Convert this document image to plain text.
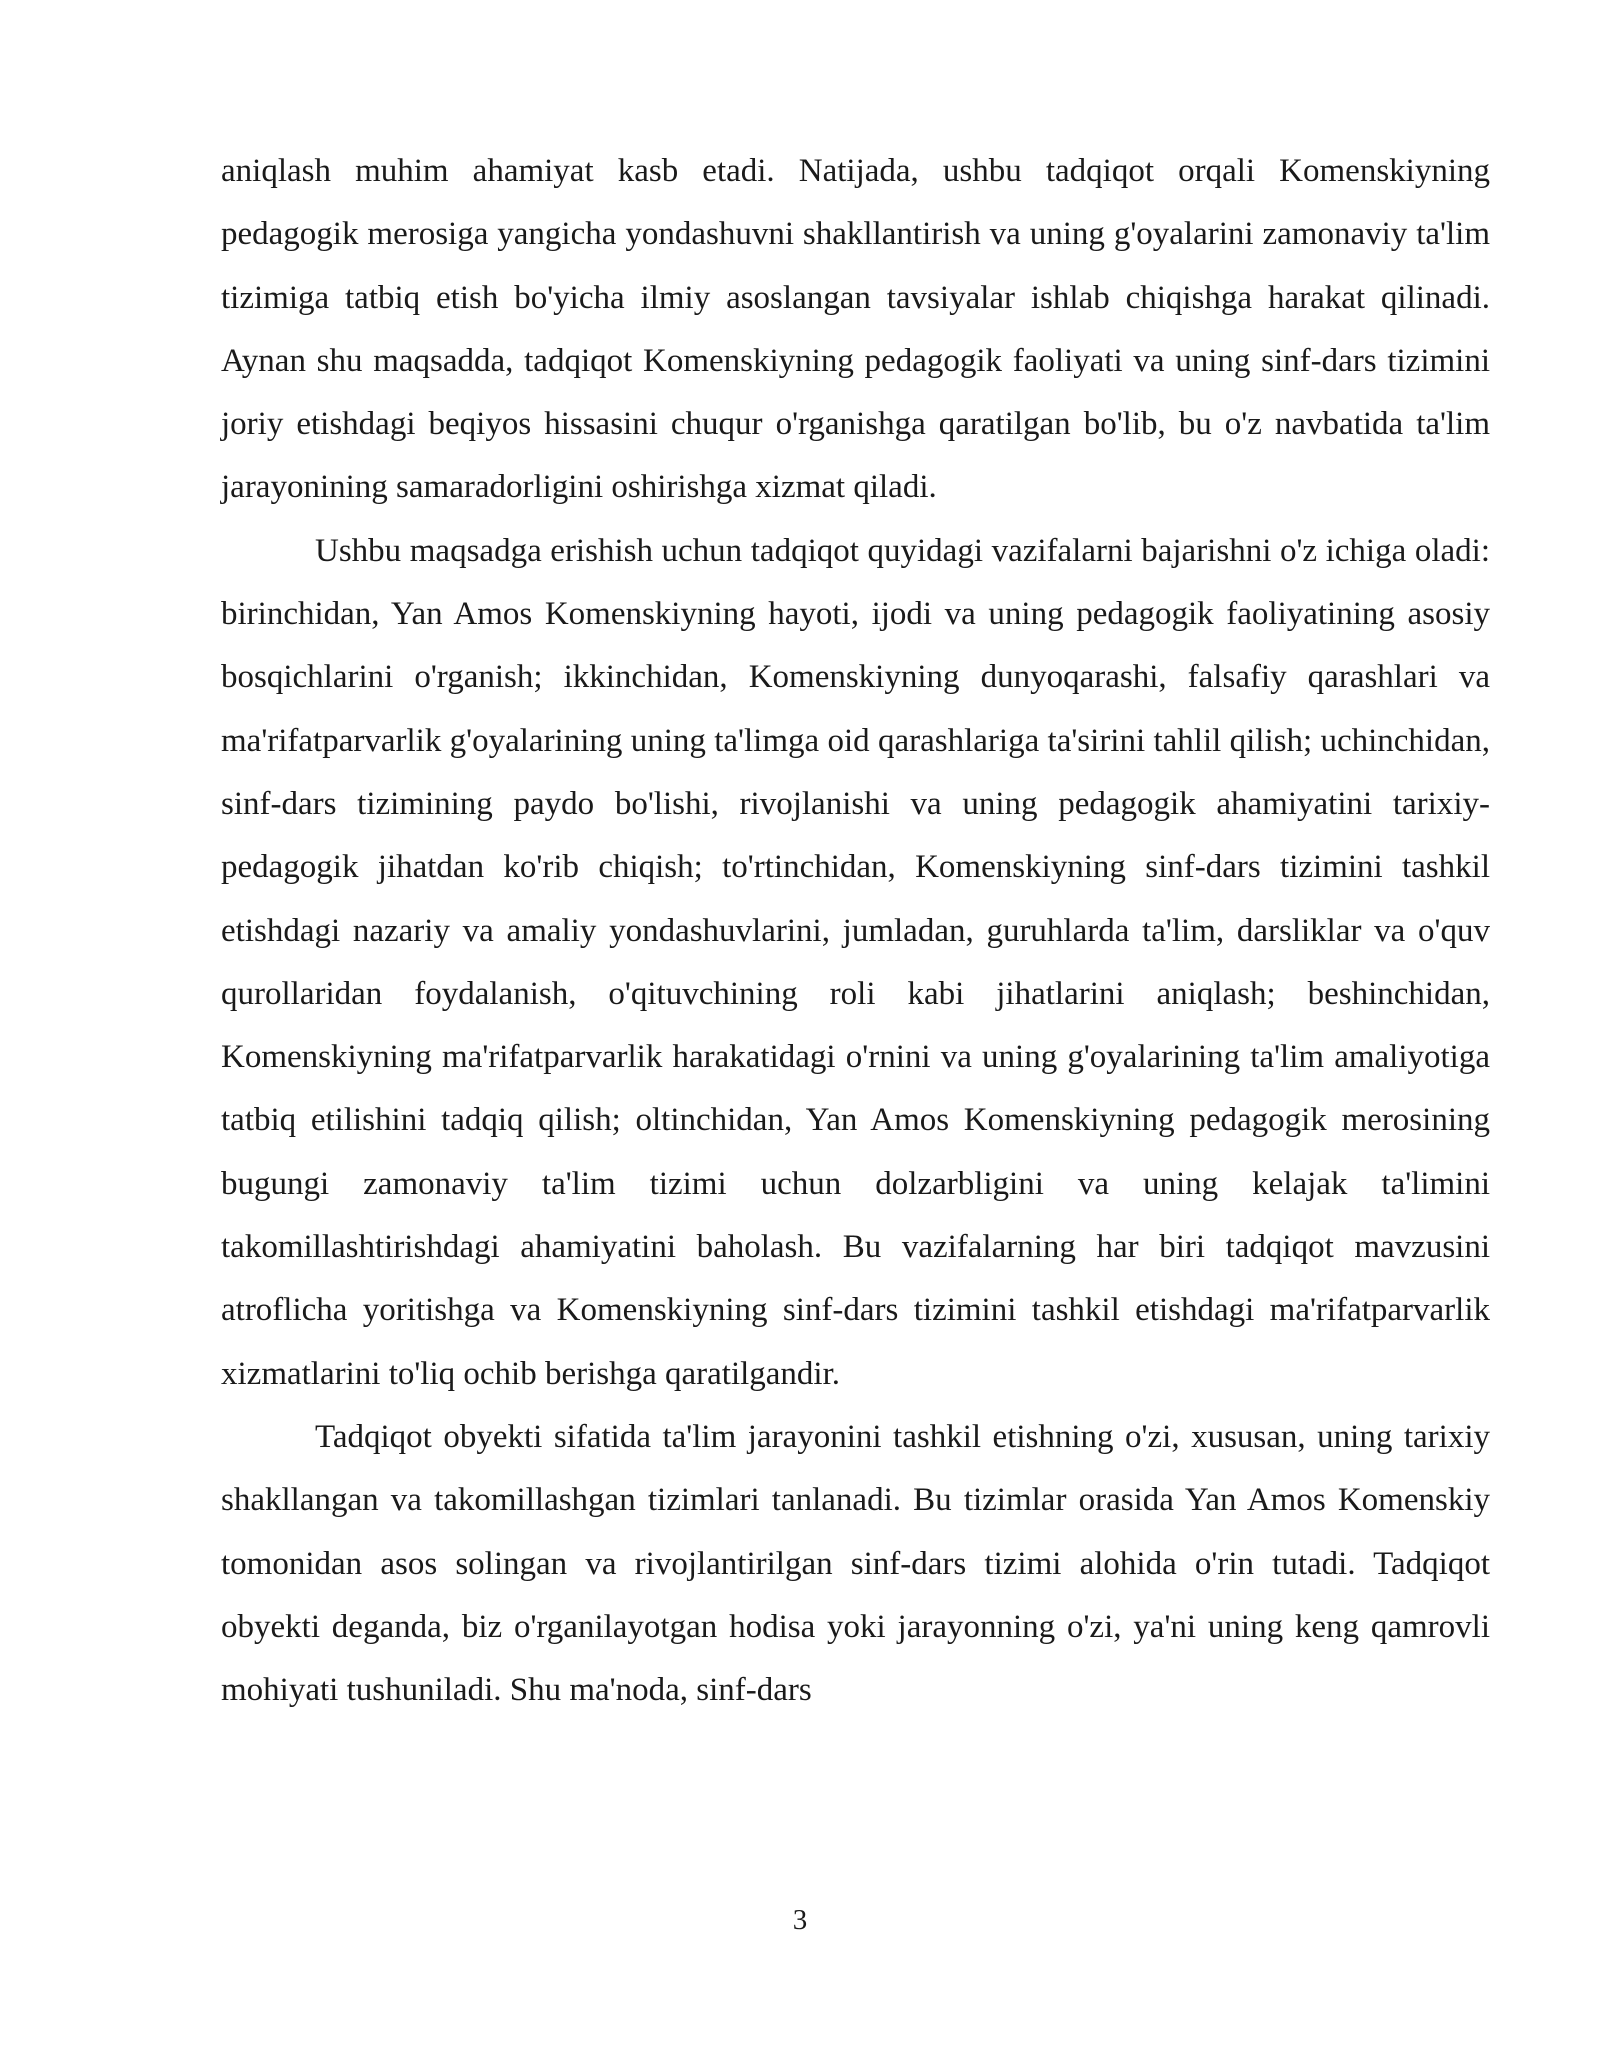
aniqlash muhim ahamiyat kasb etadi. Natijada, ushbu tadqiqot orqali Komenskiyning pedagogik merosiga yangicha yondashuvni shakllantirish va uning g'oyalarini zamonaviy ta'lim tizimiga tatbiq etish bo'yicha ilmiy asoslangan tavsiyalar ishlab chiqishga harakat qilinadi. Aynan shu maqsadda, tadqiqot Komenskiyning pedagogik faoliyati va uning sinf-dars tizimini joriy etishdagi beqiyos hissasini chuqur o'rganishga qaratilgan bo'lib, bu o'z navbatida ta'lim jarayonining samaradorligini oshirishga xizmat qiladi.

Ushbu maqsadga erishish uchun tadqiqot quyidagi vazifalarni bajarishni o'z ichiga oladi: birinchidan, Yan Amos Komenskiyning hayoti, ijodi va uning pedagogik faoliyatining asosiy bosqichlarini o'rganish; ikkinchidan, Komenskiyning dunyoqarashi, falsafiy qarashlari va ma'rifatparvarlik g'oyalarining uning ta'limga oid qarashlariga ta'sirini tahlil qilish; uchinchidan, sinf-dars tizimining paydo bo'lishi, rivojlanishi va uning pedagogik ahamiyatini tarixiy-pedagogik jihatdan ko'rib chiqish; to'rtinchidan, Komenskiyning sinf-dars tizimini tashkil etishdagi nazariy va amaliy yondashuvlarini, jumladan, guruhlarda ta'lim, darsliklar va o'quv qurollaridan foydalanish, o'qituvchining roli kabi jihatlarini aniqlash; beshinchidan, Komenskiyning ma'rifatparvarlik harakatidagi o'rnini va uning g'oyalarining ta'lim amaliyotiga tatbiq etilishini tadqiq qilish; oltinchidan, Yan Amos Komenskiyning pedagogik merosining bugungi zamonaviy ta'lim tizimi uchun dolzarbligini va uning kelajak ta'limini takomillashtirishdagi ahamiyatini baholash. Bu vazifalarning har biri tadqiqot mavzusini atroflicha yoritishga va Komenskiyning sinf-dars tizimini tashkil etishdagi ma'rifatparvarlik xizmatlarini to'liq ochib berishga qaratilgandir.

Tadqiqot obyekti sifatida ta'lim jarayonini tashkil etishning o'zi, xususan, uning tarixiy shakllangan va takomillashgan tizimlari tanlanadi. Bu tizimlar orasida Yan Amos Komenskiy tomonidan asos solingan va rivojlantirilgan sinf-dars tizimi alohida o'rin tutadi. Tadqiqot obyekti deganda, biz o'rganilayotgan hodisa yoki jarayonning o'zi, ya'ni uning keng qamrovli mohiyati tushuniladi. Shu ma'noda, sinf-dars

3
